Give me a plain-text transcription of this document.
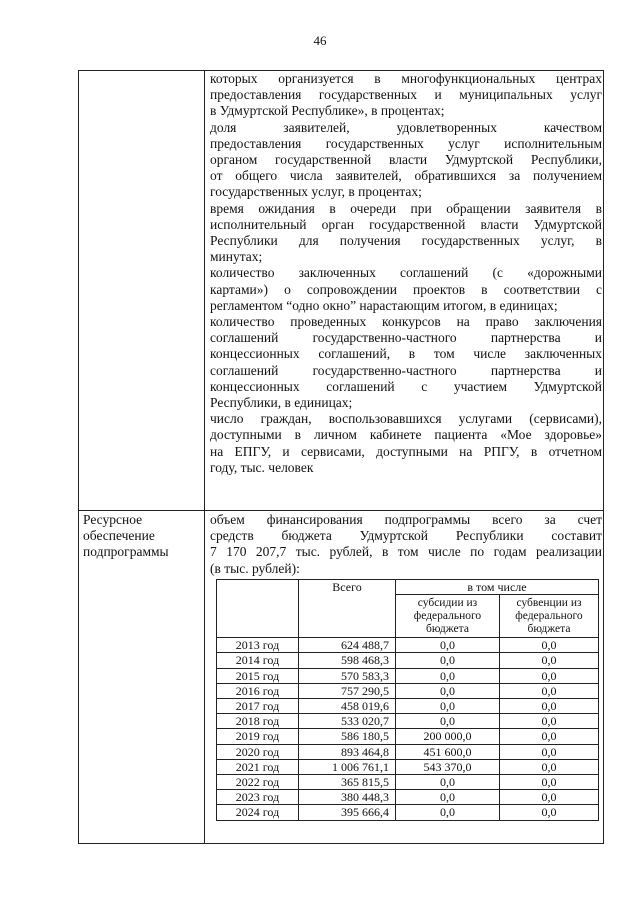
46

которых организуется в многофункциональных центрах

предоставления государственных и муниципальных услуг

в Удмуртской Республике», в процентах;

доля заявителей, удовлетворенных качеством

предоставления государственных услуг исполнительным

органом государственной власти Удмуртской Республики,

от общего числа заявителей, обратившихся за получением

государственных услуг, в процентах;

время ожидания в очереди при обращении заявителя в

исполнительный орган государственной власти Удмуртской

Республики для получения государственных услуг, в

минутах;

количество заключенных соглашений (с «дорожными

картами») о сопровождении проектов в соответствии с

регламентом “одно окно” нарастающим итогом, в единицах;

количество проведенных конкурсов на право заключения

соглашений государственно-частного партнерства и

концессионных соглашений, в том числе заключенных

соглашений государственно-частного партнерства и

концессионных соглашений с участием Удмуртской

Республики, в единицах;

число граждан, воспользовавшихся услугами (сервисами),

доступными в личном кабинете пациента «Мое здоровье»

на ЕПГУ, и сервисами, доступными на РПГУ, в отчетном

году, тыс. человек

Ресурсное
обеспечение
подпрограммы
объем финансирования подпрограммы всего за счет
средств бюджета Удмуртской Республики составит
7 170 207,7 тыс. рублей, в том числе по годам реализации
(в тыс. рублей):
	Всего	в том числе	
		субсидии из федерального бюджета	субвенции из федерального бюджета
2013 год	624 488,7	0,0	0,0
2014 год	598 468,3	0,0	0,0
2015 год	570 583,3	0,0	0,0
2016 год	757 290,5	0,0	0,0
2017 год	458 019,6	0,0	0,0
2018 год	533 020,7	0,0	0,0
2019 год	586 180,5	200 000,0	0,0
2020 год	893 464,8	451 600,0	0,0
2021 год	1 006 761,1	543 370,0	0,0
2022 год	365 815,5	0,0	0,0
2023 год	380 448,3	0,0	0,0
2024 год	395 666,4	0,0	0,0
